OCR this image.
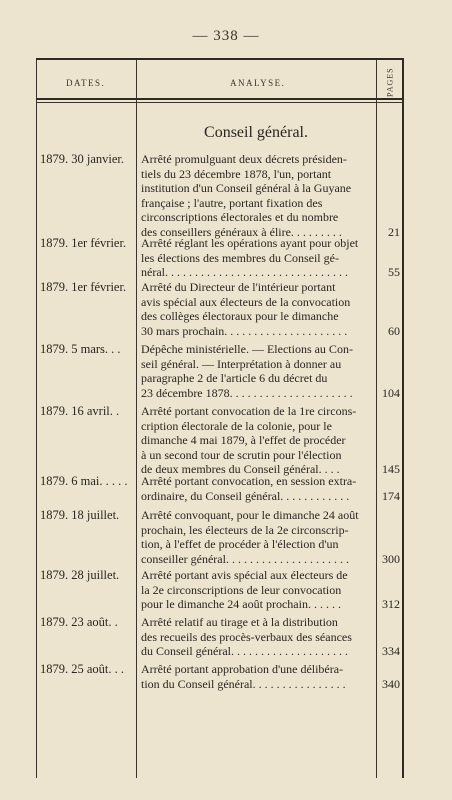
— 338 —
DATES.	ANALYSE.	PAGES
Conseil général.
1879. 30 janvier.	Arrêté promulguant deux décrets présiden-
tiels du 23 décembre 1878, l'un, portant
institution d'un Conseil général à la Guyane
française ; l'autre, portant fixation des
circonscriptions électorales et du nombre
des conseillers généraux à élire. . . . . . . . .	21
1879. 1er février.	Arrêté réglant les opérations ayant pour objet
les élections des membres du Conseil gé-
néral. . . . . . . . . . . . . . . . . . . . . . . . . . . . . . .	55
1879. 1er février.	Arrêté du Directeur de l'intérieur portant
avis spécial aux électeurs de la convocation
des collèges électoraux pour le dimanche
30 mars prochain. . . . . . . . . . . . . . . . . . . . .	60
1879. 5 mars. . .	Dépêche ministérielle. — Elections au Con-
seil général. — Interprétation à donner au
paragraphe 2 de l'article 6 du décret du
23 décembre 1878. . . . . . . . . . . . . . . . . . . . .	104
1879. 16 avril. .	Arrêté portant convocation de la 1re circons-
cription électorale de la colonie, pour le
dimanche 4 mai 1879, à l'effet de procéder
à un second tour de scrutin pour l'élection
de deux membres du Conseil général. . . .	145
1879. 6 mai. . . . .	Arrêté portant convocation, en session extra-
ordinaire, du Conseil général. . . . . . . . . . . .	174
1879. 18 juillet.	Arrêté convoquant, pour le dimanche 24 août
prochain, les électeurs de la 2e circonscrip-
tion, à l'effet de procéder à l'élection d'un
conseiller général. . . . . . . . . . . . . . . . . . . . .	300
1879. 28 juillet.	Arrêté portant avis spécial aux électeurs de
la 2e circonscriptions de leur convocation
pour le dimanche 24 août prochain. . . . . .	312
1879. 23 août. .	Arrêté relatif au tirage et à la distribution
des recueils des procès-verbaux des séances
du Conseil général. . . . . . . . . . . . . . . . . . . .	334
1879. 25 août. . .	Arrêté portant approbation d'une délibéra-
tion du Conseil général. . . . . . . . . . . . . . . .	340
